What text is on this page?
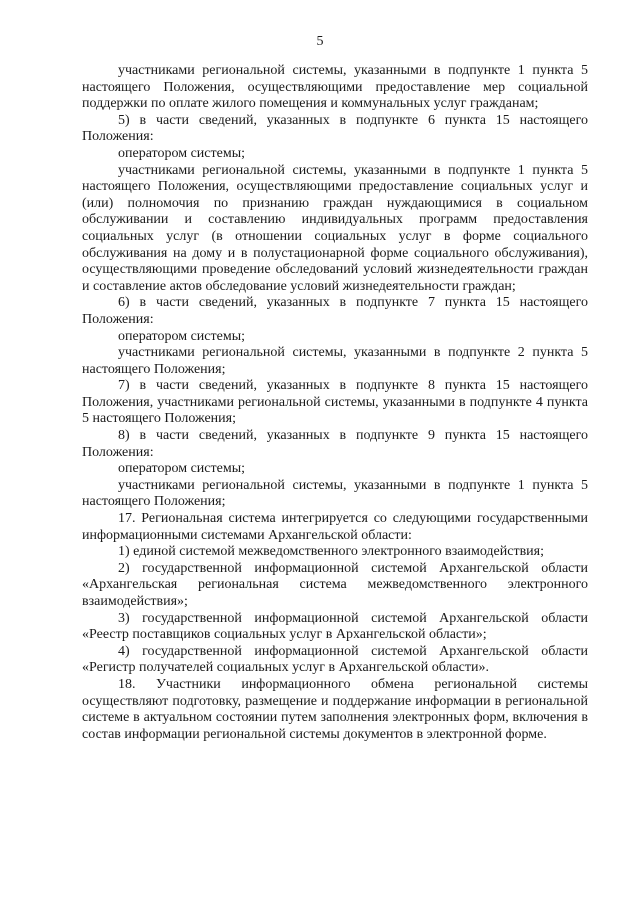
5

участниками региональной системы, указанными в подпункте 1 пункта 5 настоящего Положения, осуществляющими предоставление мер социальной поддержки по оплате жилого помещения и коммунальных услуг гражданам;

5) в части сведений, указанных в подпункте 6 пункта 15 настоящего Положения:

оператором системы;

участниками региональной системы, указанными в подпункте 1 пункта 5 настоящего Положения, осуществляющими предоставление социальных услуг и (или) полномочия по признанию граждан нуждающимися в социальном обслуживании и составлению индивидуальных программ предоставления социальных услуг (в отношении социальных услуг в форме социального обслуживания на дому и в полустационарной форме социального обслуживания), осуществляющими проведение обследований условий жизнедеятельности граждан и составление актов обследование условий жизнедеятельности граждан;

6) в части сведений, указанных в подпункте 7 пункта 15 настоящего Положения:

оператором системы;

участниками региональной системы, указанными в подпункте 2 пункта 5 настоящего Положения;

7) в части сведений, указанных в подпункте 8 пункта 15 настоящего Положения, участниками региональной системы, указанными в подпункте 4 пункта 5 настоящего Положения;

8) в части сведений, указанных в подпункте 9 пункта 15 настоящего Положения:

оператором системы;

участниками региональной системы, указанными в подпункте 1 пункта 5 настоящего Положения;

17. Региональная система интегрируется со следующими государственными информационными системами Архангельской области:

1) единой системой межведомственного электронного взаимодействия;

2) государственной информационной системой Архангельской области «Архангельская региональная система межведомственного электронного взаимодействия»;

3) государственной информационной системой Архангельской области «Реестр поставщиков социальных услуг в Архангельской области»;

4) государственной информационной системой Архангельской области «Регистр получателей социальных услуг в Архангельской области».

18. Участники информационного обмена региональной системы осуществляют подготовку, размещение и поддержание информации в региональной системе в актуальном состоянии путем заполнения электронных форм, включения в состав информации региональной системы документов в электронной форме.
